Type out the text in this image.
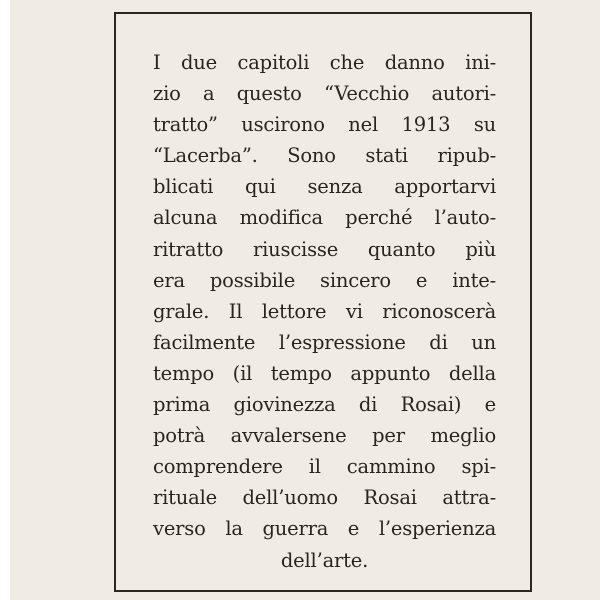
I due capitoli che danno ini-
zio a questo “Vecchio autori-
tratto” uscirono nel 1913 su
“Lacerba”. Sono stati ripub-
blicati qui senza apportarvi
alcuna modifica perché l’auto-
ritratto riuscisse quanto più
era possibile sincero e inte-
grale. Il lettore vi riconoscerà
facilmente l’espressione di un
tempo (il tempo appunto della
prima giovinezza di Rosai) e
potrà avvalersene per meglio
comprendere il cammino spi-
rituale dell’uomo Rosai attra-
verso la guerra e l’esperienza
dell’arte.
